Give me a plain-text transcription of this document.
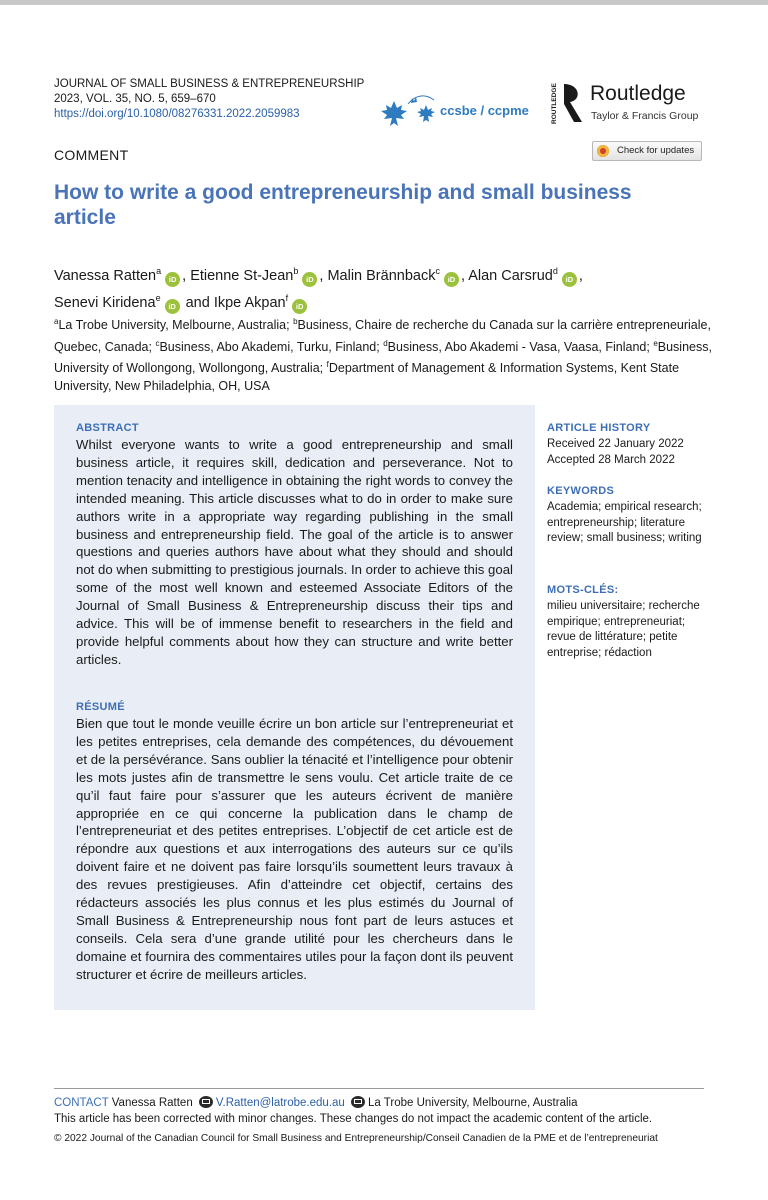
JOURNAL OF SMALL BUSINESS & ENTREPRENEURSHIP
2023, VOL. 35, NO. 5, 659–670
https://doi.org/10.1080/08276331.2022.2059983	ccsbe / ccpme	ROUTLEDGE Routledge
Taylor & Francis Group
COMMENT	Check for updates
How to write a good entrepreneurship and small business article
Vanessa Ratten$^a$iD , Etienne St-Jean$^b$iD , Malin Brännback$^c$iD , Alan Carsrud$^d$iD ,
Senevi Kiridena$^e$iD and Ikpe Akpan$^f$iD
$^a$La Trobe University, Melbourne, Australia; $^b$Business, Chaire de recherche du Canada sur la carrière entrepreneuriale, Quebec, Canada; $^c$Business, Abo Akademi, Turku, Finland; $^d$Business, Abo Akademi - Vasa, Vaasa, Finland; $^e$Business, University of Wollongong, Wollongong, Australia; $^f$Department of Management & Information Systems, Kent State University, New Philadelphia, OH, USA
ABSTRACT
Whilst everyone wants to write a good entrepreneurship and small business article, it requires skill, dedication and perseverance. Not to mention tenacity and intelligence in obtaining the right words to convey the intended meaning. This article discusses what to do in order to make sure authors write in a appropriate way regarding publishing in the small business and entrepreneurship field. The goal of the article is to answer questions and queries authors have about what they should and should not do when submitting to prestigious journals. In order to achieve this goal some of the most well known and esteemed Associate Editors of the Journal of Small Business & Entrepreneurship discuss their tips and advice. This will be of immense benefit to researchers in the field and provide helpful comments about how they can structure and write better articles.
RÉSUMÉ
Bien que tout le monde veuille écrire un bon article sur l’entrepreneuriat et les petites entreprises, cela demande des compétences, du dévouement et de la persévérance. Sans oublier la ténacité et l’intelligence pour obtenir les mots justes afin de transmettre le sens voulu. Cet article traite de ce qu’il faut faire pour s’assurer que les auteurs écrivent de manière appropriée en ce qui concerne la publication dans le champ de l’entrepreneuriat et des petites entreprises. L’objectif de cet article est de répondre aux questions et aux interrogations des auteurs sur ce qu’ils doivent faire et ne doivent pas faire lorsqu’ils soumettent leurs travaux à des revues prestigieuses. Afin d’atteindre cet objectif, certains des rédacteurs associés les plus connus et les plus estimés du Journal of Small Business & Entrepreneurship nous font part de leurs astuces et conseils. Cela sera d’une grande utilité pour les chercheurs dans le domaine et fournira des commentaires utiles pour la façon dont ils peuvent structurer et écrire de meilleurs articles.
ARTICLE HISTORY
Received 22 January 2022
Accepted 28 March 2022
KEYWORDS
Academia; empirical research; entrepreneurship; literature review; small business; writing
MOTS-CLÉS:
milieu universitaire; recherche empirique; entrepreneuriat; revue de littérature; petite entreprise; rédaction
CONTACT Vanessa Ratten V.Ratten@latrobe.edu.au La Trobe University, Melbourne, Australia
This article has been corrected with minor changes. These changes do not impact the academic content of the article.
© 2022 Journal of the Canadian Council for Small Business and Entrepreneurship/Conseil Canadien de la PME et de l’entrepreneuriat
